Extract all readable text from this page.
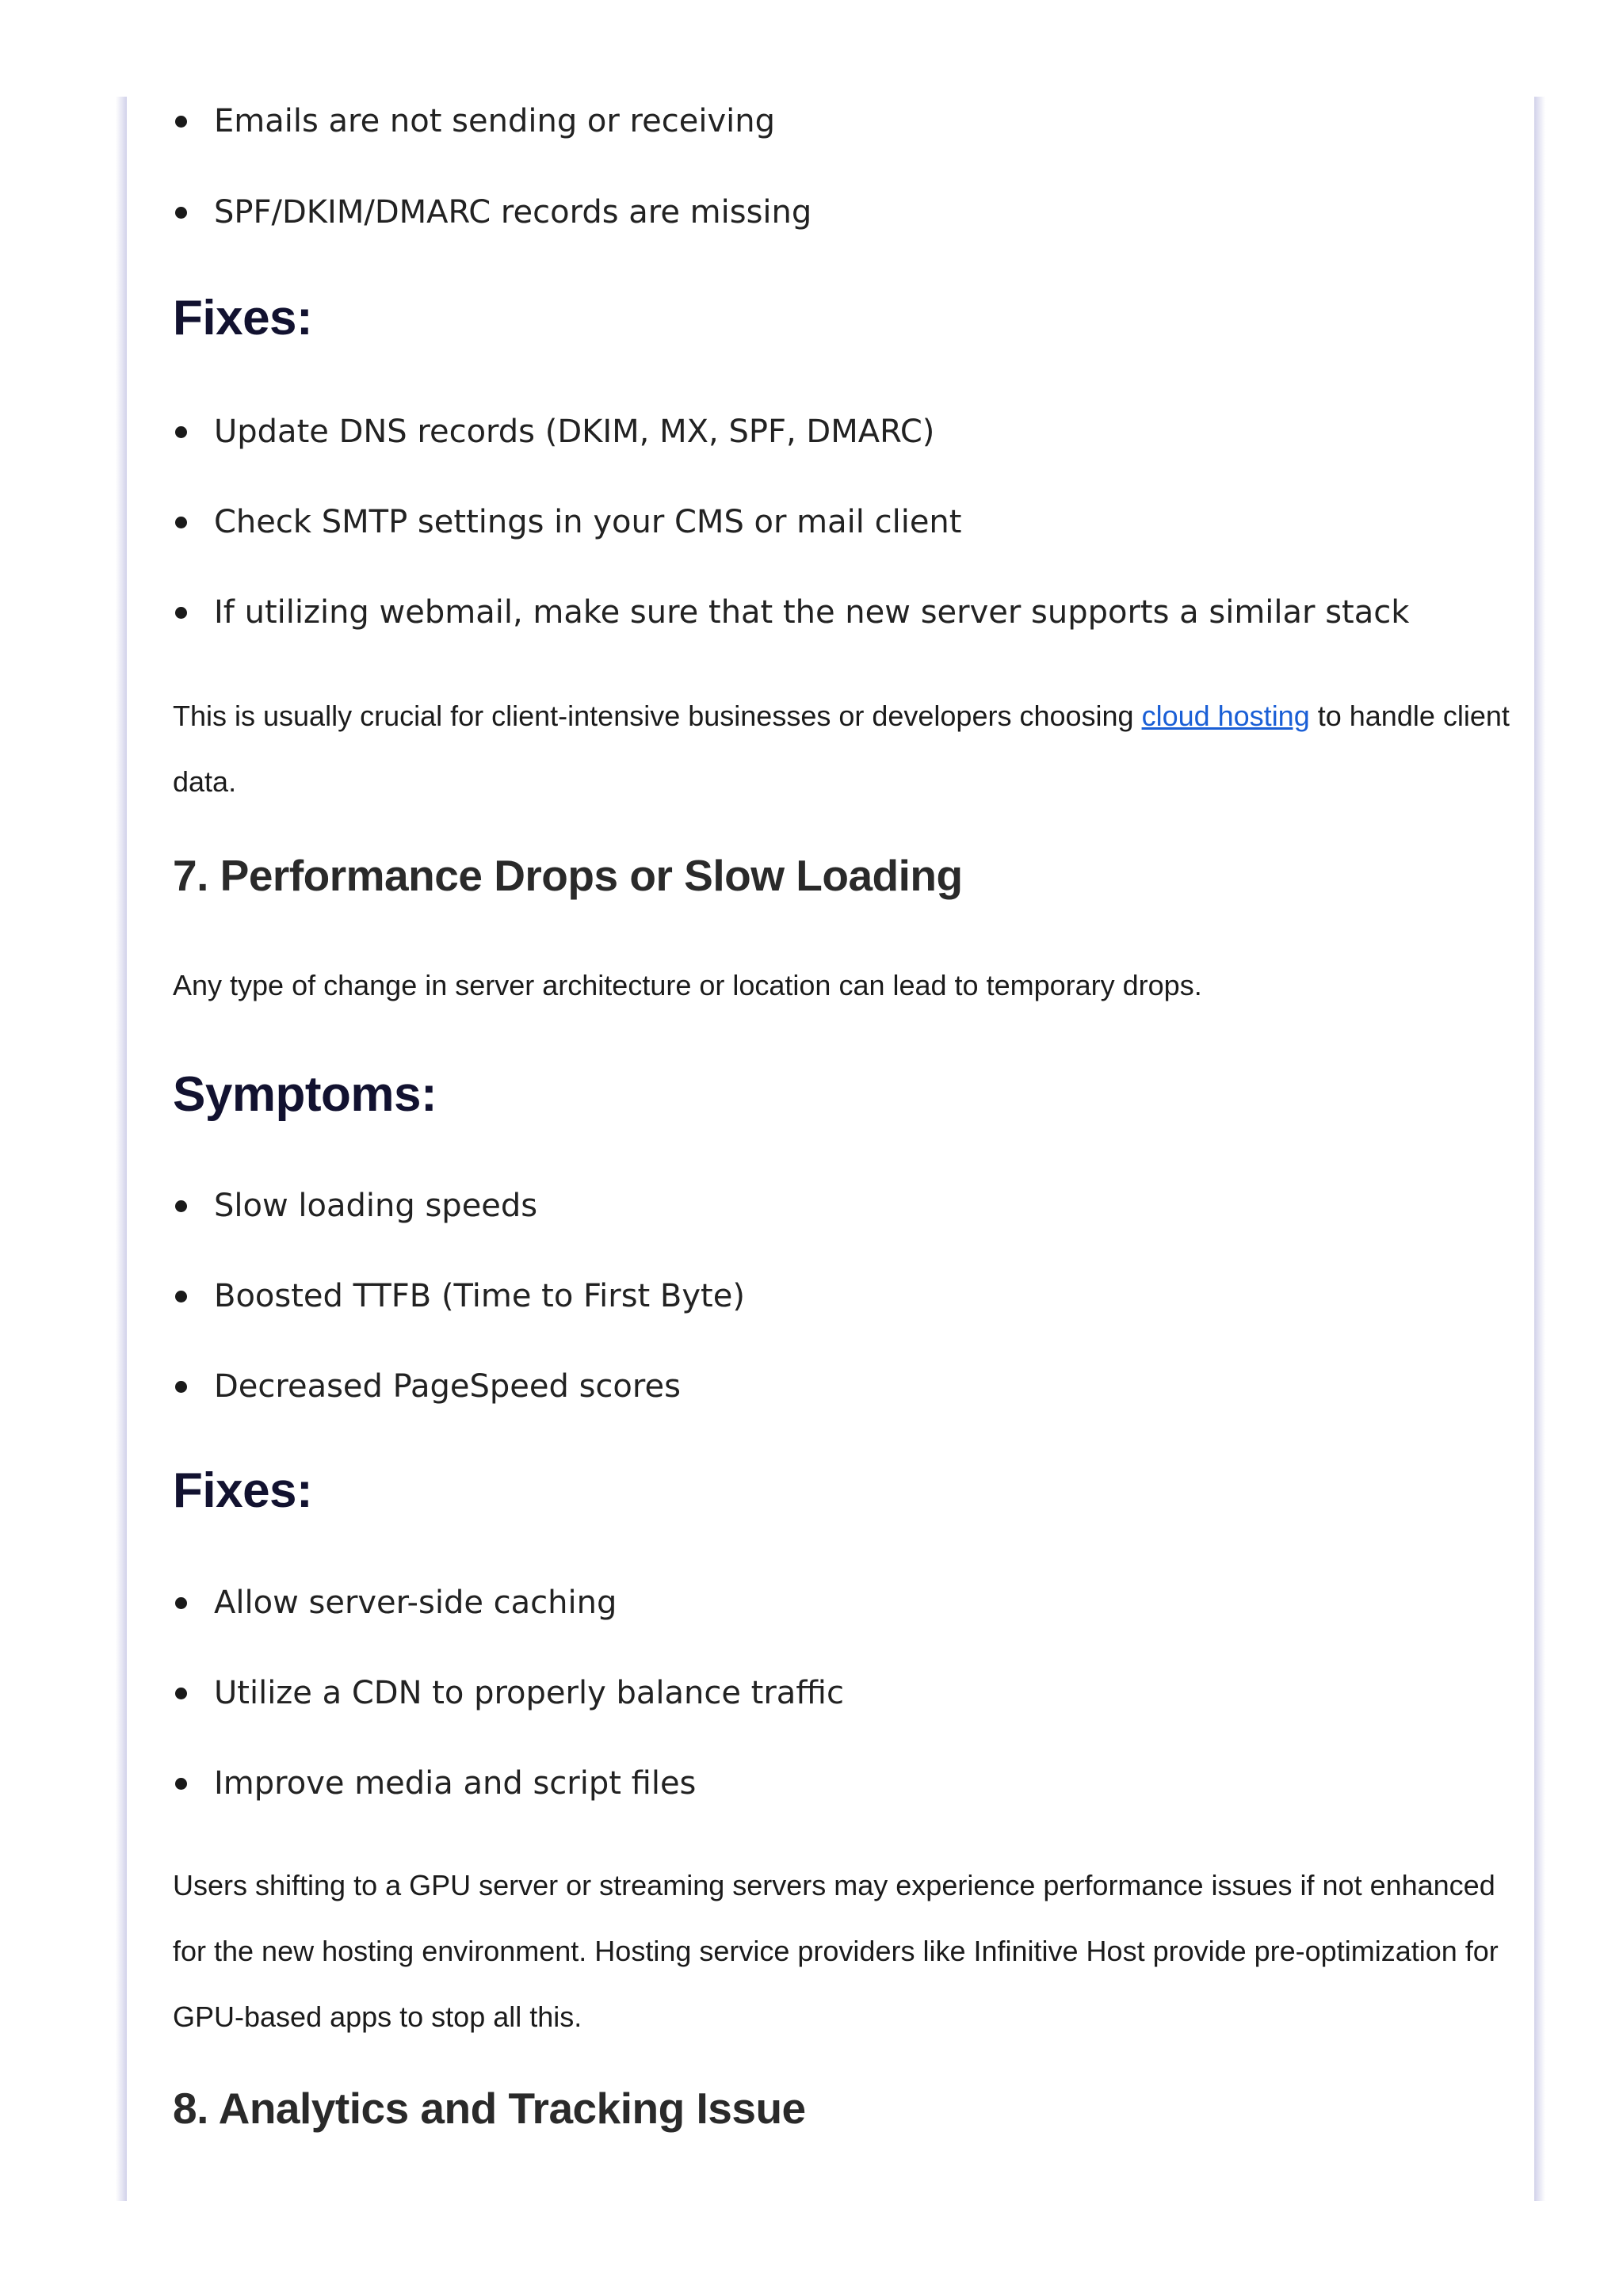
Emails are not sending or receiving
SPF/DKIM/DMARC records are missing
Fixes:
Update DNS records (DKIM, MX, SPF, DMARC)
Check SMTP settings in your CMS or mail client
If utilizing webmail, make sure that the new server supports a similar stack

This is usually crucial for client-intensive businesses or developers choosing cloud hosting to handle client data.

7. Performance Drops or Slow Loading

Any type of change in server architecture or location can lead to temporary drops.

Symptoms:
Slow loading speeds
Boosted TTFB (Time to First Byte)
Decreased PageSpeed scores
Fixes:
Allow server-side caching
Utilize a CDN to properly balance traffic
Improve media and script files

Users shifting to a GPU server or streaming servers may experience performance issues if not enhanced for the new hosting environment. Hosting service providers like Infinitive Host provide pre-optimization for GPU-based apps to stop all this.

8. Analytics and Tracking Issue
